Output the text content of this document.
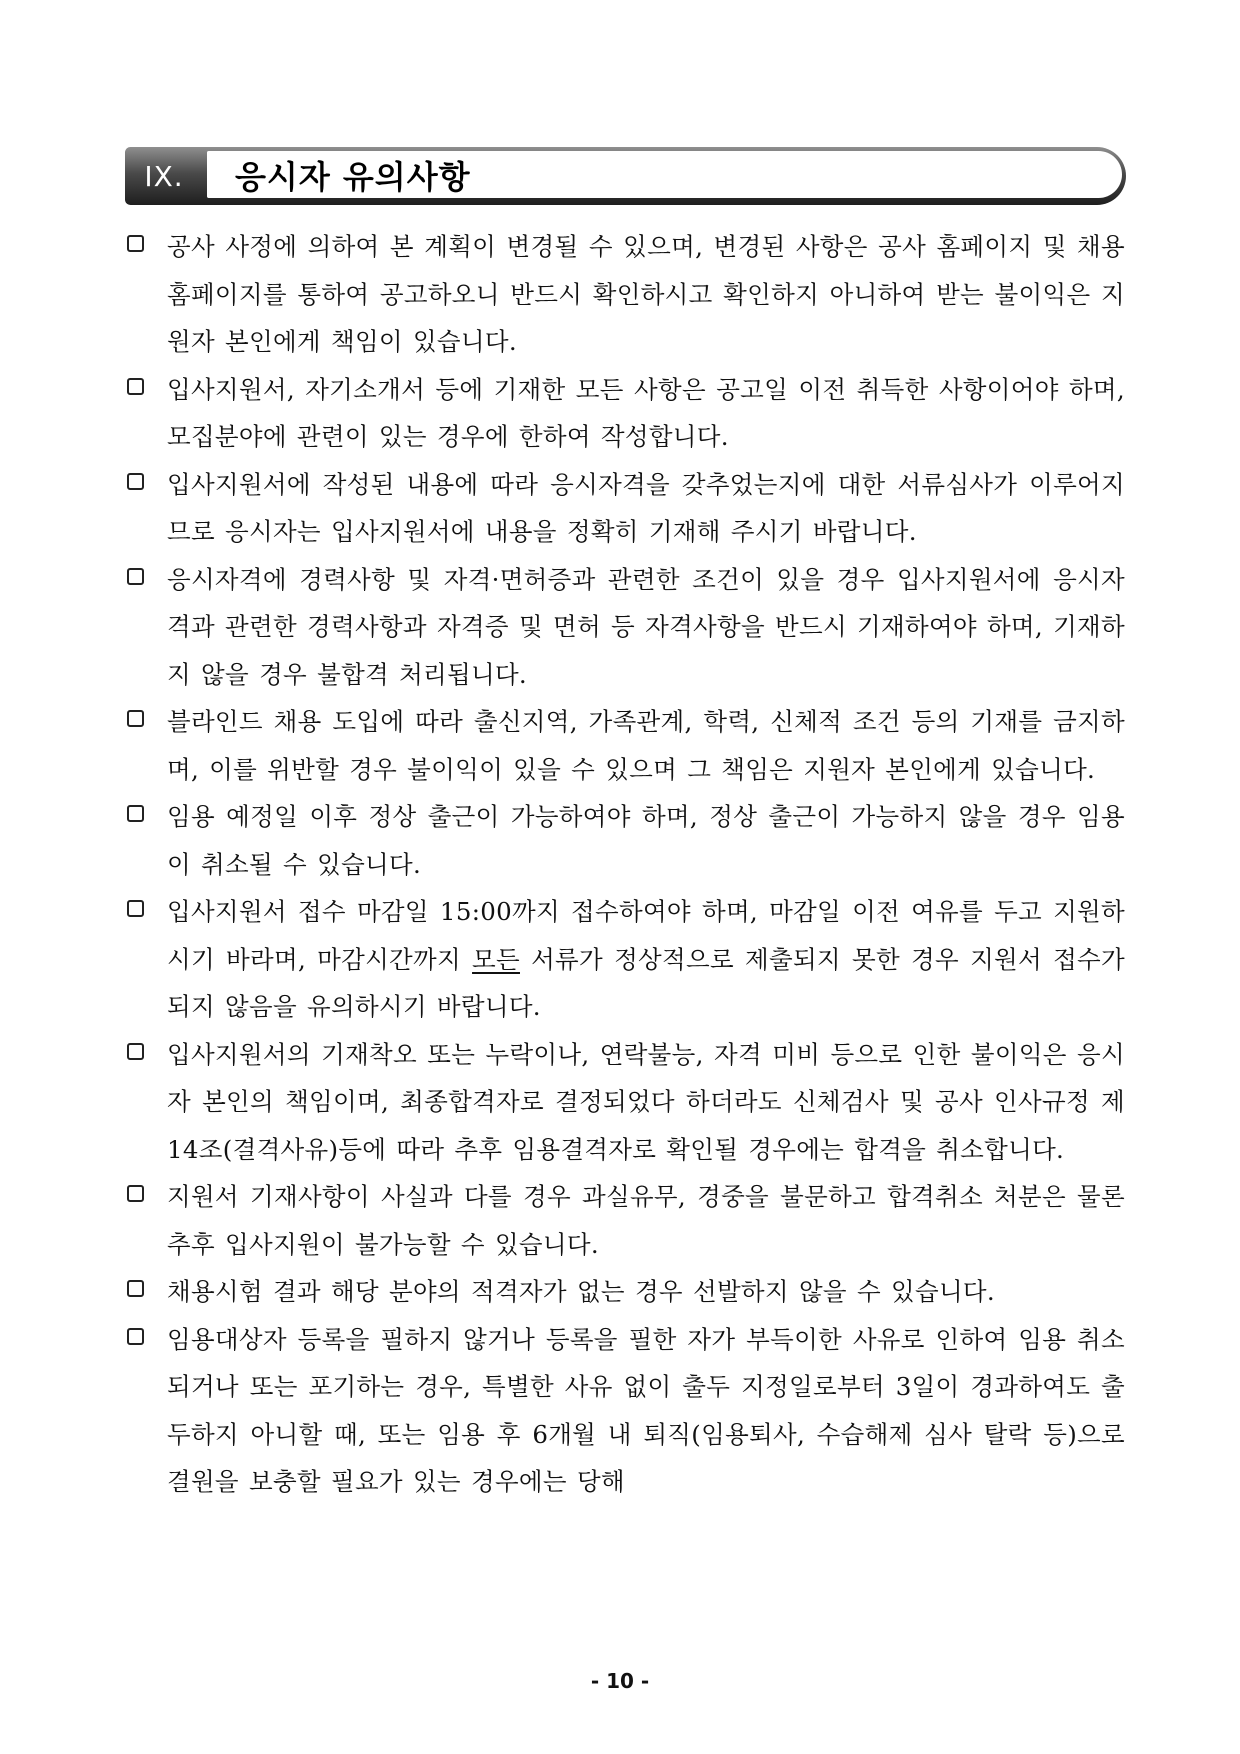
IX.	응시자 유의사항
공사 사정에 의하여 본 계획이 변경될 수 있으며, 변경된 사항은 공사 홈페이지 및 채용 홈페이지를 통하여 공고하오니 반드시 확인하시고 확인하지 아니하여 받는 불이익은 지원자 본인에게 책임이 있습니다.
입사지원서, 자기소개서 등에 기재한 모든 사항은 공고일 이전 취득한 사항이어야 하며, 모집분야에 관련이 있는 경우에 한하여 작성합니다.
입사지원서에 작성된 내용에 따라 응시자격을 갖추었는지에 대한 서류심사가 이루어지므로 응시자는 입사지원서에 내용을 정확히 기재해 주시기 바랍니다.
응시자격에 경력사항 및 자격·면허증과 관련한 조건이 있을 경우 입사지원서에 응시자격과 관련한 경력사항과 자격증 및 면허 등 자격사항을 반드시 기재하여야 하며, 기재하지 않을 경우 불합격 처리됩니다.
블라인드 채용 도입에 따라 출신지역, 가족관계, 학력, 신체적 조건 등의 기재를 금지하며, 이를 위반할 경우 불이익이 있을 수 있으며 그 책임은 지원자 본인에게 있습니다.
임용 예정일 이후 정상 출근이 가능하여야 하며, 정상 출근이 가능하지 않을 경우 임용이 취소될 수 있습니다.
입사지원서 접수 마감일 15:00까지 접수하여야 하며, 마감일 이전 여유를 두고 지원하시기 바라며, 마감시간까지 모든 서류가 정상적으로 제출되지 못한 경우 지원서 접수가 되지 않음을 유의하시기 바랍니다.
입사지원서의 기재착오 또는 누락이나, 연락불능, 자격 미비 등으로 인한 불이익은 응시자 본인의 책임이며, 최종합격자로 결정되었다 하더라도 신체검사 및 공사 인사규정 제14조(결격사유)등에 따라 추후 임용결격자로 확인될 경우에는 합격을 취소합니다.
지원서 기재사항이 사실과 다를 경우 과실유무, 경중을 불문하고 합격취소 처분은 물론 추후 입사지원이 불가능할 수 있습니다.
채용시험 결과 해당 분야의 적격자가 없는 경우 선발하지 않을 수 있습니다.
임용대상자 등록을 필하지 않거나 등록을 필한 자가 부득이한 사유로 인하여 임용 취소되거나 또는 포기하는 경우, 특별한 사유 없이 출두 지정일로부터 3일이 경과하여도 출두하지 아니할 때, 또는 임용 후 6개월 내 퇴직(임용퇴사, 수습해제 심사 탈락 등)으로 결원을 보충할 필요가 있는 경우에는 당해
- 10 -
